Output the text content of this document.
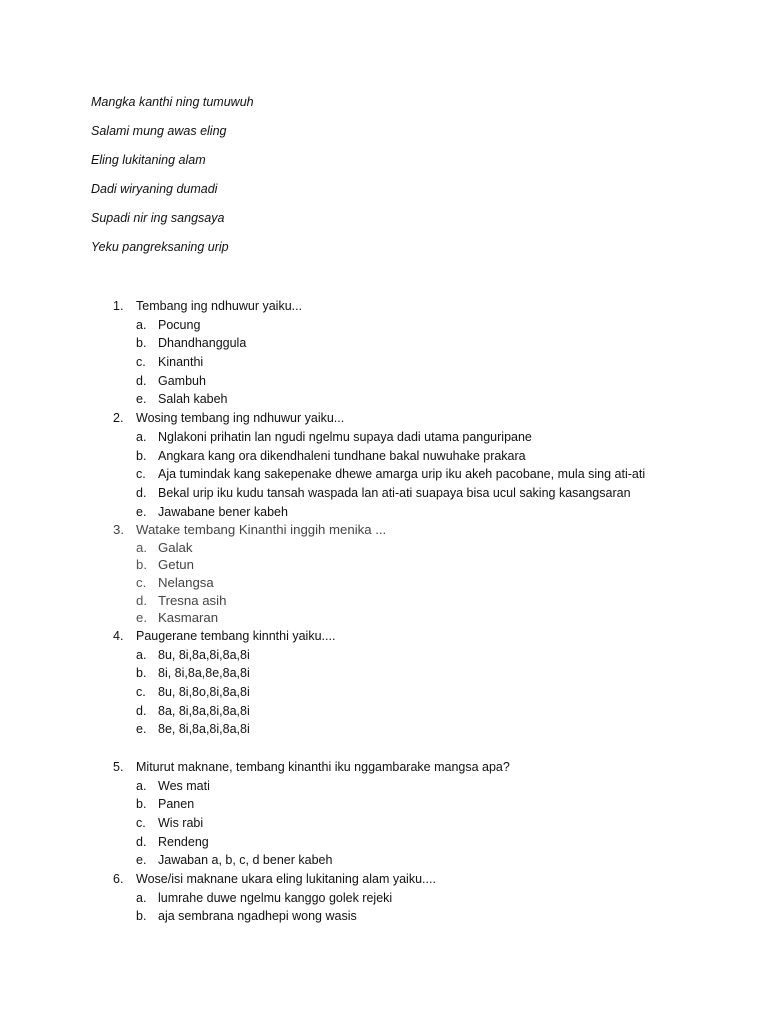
Mangka kanthi ning tumuwuh
Salami mung awas eling
Eling lukitaning alam
Dadi wiryaning dumadi
Supadi nir ing sangsaya
Yeku pangreksaning urip
1.	Tembang ing ndhuwur yaiku...
a. Pocung
b. Dhandhanggula
c. Kinanthi
d. Gambuh
e. Salah kabeh
2.	Wosing tembang ing ndhuwur yaiku...
a. Nglakoni prihatin lan ngudi ngelmu supaya dadi utama panguripane
b. Angkara kang ora dikendhaleni tundhane bakal nuwuhake prakara
c. Aja tumindak kang sakepenake dhewe amarga urip iku akeh pacobane, mula sing ati-ati
d. Bekal urip iku kudu tansah waspada lan ati-ati suapaya bisa ucul saking kasangsaran
e. Jawabane bener kabeh
3. Watake tembang Kinanthi inggih menika ...
a. Galak
b. Getun
c. Nelangsa
d. Tresna asih
e. Kasmaran
4.	Paugerane tembang kinnthi yaiku....
a. 8u, 8i,8a,8i,8a,8i
b. 8i, 8i,8a,8e,8a,8i
c. 8u, 8i,8o,8i,8a,8i
d. 8a, 8i,8a,8i,8a,8i
e. 8e, 8i,8a,8i,8a,8i
5.	Miturut maknane, tembang kinanthi iku nggambarake mangsa apa?
a. Wes mati
b. Panen
c. Wis rabi
d. Rendeng
e. Jawaban a, b, c, d bener kabeh
6.	Wose/isi maknane ukara eling lukitaning alam yaiku....
a. lumrahe duwe ngelmu kanggo golek rejeki
b. aja sembrana ngadhepi wong wasis
